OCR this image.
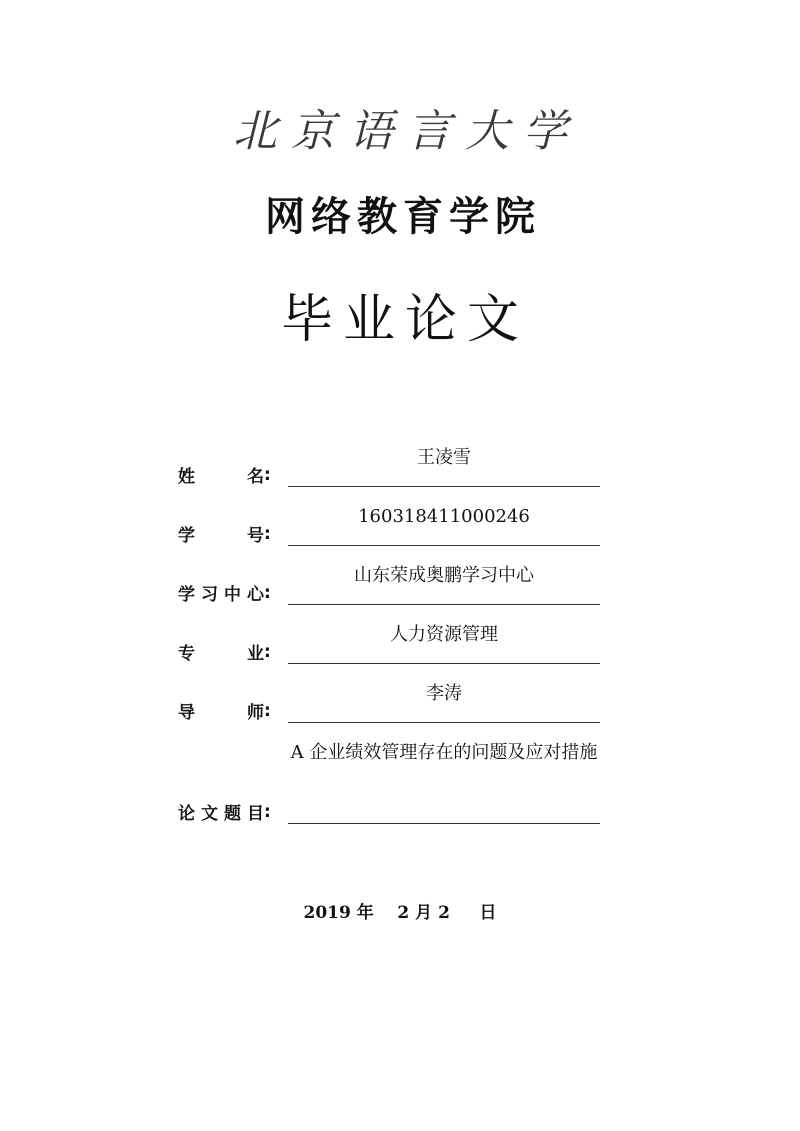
北京语言大学
网络教育学院
毕业论文
姓	名 :
王凌雪
学	号 :
160318411000246
学 习 中 心 :
山东荣成奥鹏学习中心
专	业 :
人力资源管理
导	师 :
李涛
论 文 题 目 :
A 企业绩效管理存在的问题及应对措施
2019 年    2 月 2     日
